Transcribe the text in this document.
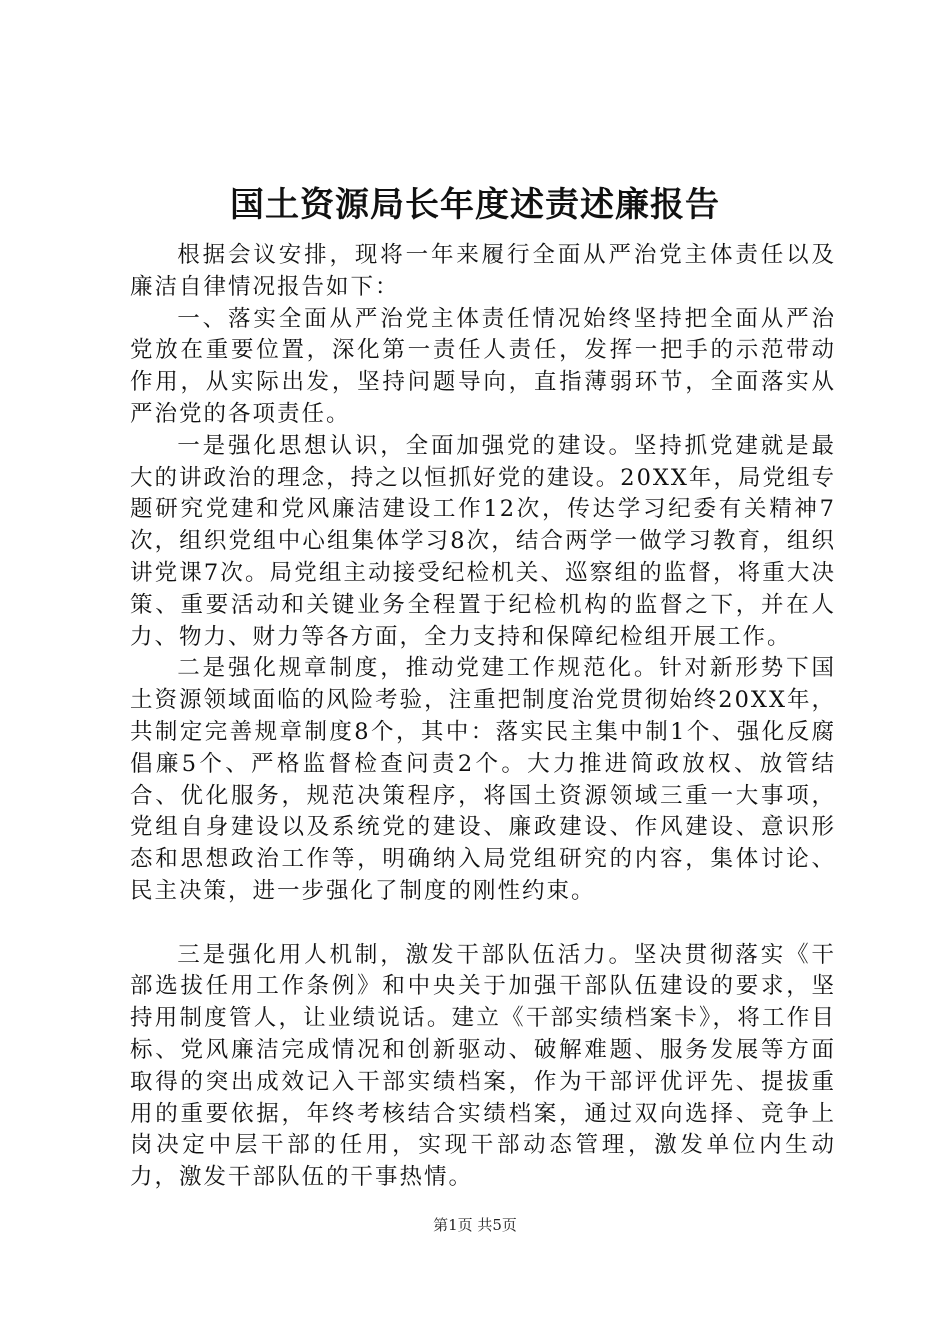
国土资源局长年度述责述廉报告

根据会议安排，现将一年来履行全面从严治党主体责任以及廉洁自律情况报告如下：

一、落实全面从严治党主体责任情况始终坚持把全面从严治党放在重要位置，深化第一责任人责任，发挥一把手的示范带动作用，从实际出发，坚持问题导向，直指薄弱环节，全面落实从严治党的各项责任。

一是强化思想认识，全面加强党的建设。坚持抓党建就是最大的讲政治的理念，持之以恒抓好党的建设。20XX年，局党组专题研究党建和党风廉洁建设工作12次，传达学习纪委有关精神7次，组织党组中心组集体学习8次，结合两学一做学习教育，组织讲党课7次。局党组主动接受纪检机关、巡察组的监督，将重大决策、重要活动和关键业务全程置于纪检机构的监督之下，并在人力、物力、财力等各方面，全力支持和保障纪检组开展工作。

二是强化规章制度，推动党建工作规范化。针对新形势下国土资源领域面临的风险考验，注重把制度治党贯彻始终20XX年，共制定完善规章制度8个，其中：落实民主集中制1个、强化反腐倡廉5个、严格监督检查问责2个。大力推进简政放权、放管结合、优化服务，规范决策程序，将国土资源领域三重一大事项，党组自身建设以及系统党的建设、廉政建设、作风建设、意识形态和思想政治工作等，明确纳入局党组研究的内容，集体讨论、民主决策，进一步强化了制度的刚性约束。

三是强化用人机制，激发干部队伍活力。坚决贯彻落实《干部选拔任用工作条例》和中央关于加强干部队伍建设的要求，坚持用制度管人，让业绩说话。建立《干部实绩档案卡》，将工作目标、党风廉洁完成情况和创新驱动、破解难题、服务发展等方面取得的突出成效记入干部实绩档案，作为干部评优评先、提拔重用的重要依据，年终考核结合实绩档案，通过双向选择、竞争上岗决定中层干部的任用，实现干部动态管理，激发单位内生动力，激发干部队伍的干事热情。

第1页 共5页
